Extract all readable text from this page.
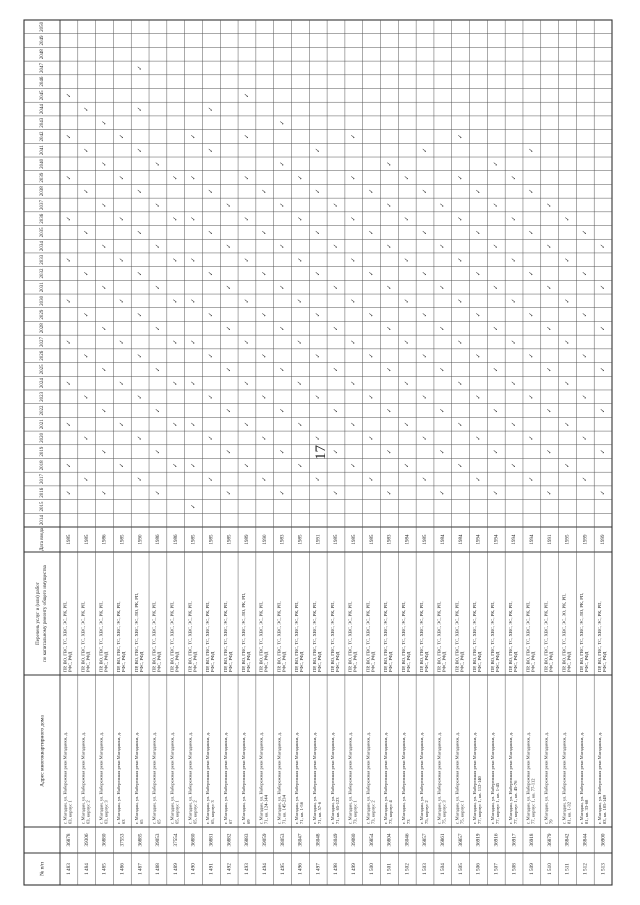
17
№ п/п
Адрес многоквартирного дома
Перечень услуг и (или) работ по капитальному ремонту общего имущества
Дата ввода
2014
2015
2016
2017
2018
2019
2020
2021
2022
2023
2024
2025
2026
2027
2028
2029
2030
2031
2032
2033
2034
2035
2036
2037
2038
2039
2040
2041
2042
2043
2044
2045
2046
2047
2048
2049
2050
1 483
36878
г. Магадан, ул. Набережная реки Магаданки, д.63, корпус 1
ПР, ВО, ГВС, ТС, ХВС, ЭС, РК, РП,РФС, РФД
1985
✓
✓
✓
✓
✓
✓
✓
✓
✓
✓
✓
1 484
39306
г. Магадан, ул. Набережная реки Магаданки, д.63, корпус 2
ПР, ВО, ГВС, ТС, ХВС, ЭС, РК, РП,РФС, РФД
1985
✓
✓
✓
✓
✓
✓
✓
✓
✓
✓
1 485
36880
г. Магадан, ул. Набережная реки Магаданки, д.63, корпус 3
ПР, ВО, ГВС, ТС, ХВС, ЭС, РК, РП,РФС, РФД
1986
✓
✓
✓
✓
✓
✓
✓
✓
✓
✓
1 486
37553
г. Магадан, ул. Набережная реки Магаданки, д.63
ПР, ВО, ГВС, ТС, ХВС, ЭС, РК, РП,РФС, РФД
1985
✓
✓
✓
✓
✓
✓
✓
✓
✓
1 487
36885
г. Магадан, ул. Набережная реки Магаданки, д.65
ПР, ВО, ГВС, ТС, ХВС, ЭС, ЛО, РК, РП,РФС, РФД
1990
✓
✓
✓
✓
✓
✓
✓
✓
✓
✓
✓
1 488
39053
г. Магадан, ул. Набережная реки Магаданки, д.65
ПР, ВО, ГВС, ТС, ХВС, ЭС, РК, РП,РФС, РФД
1986
✓
✓
✓
✓
✓
✓
✓
✓
✓
1 489
37554
г. Магадан, ул. Набережная реки Магаданки, д.65, корпус 1
ПР, ВО, ГВС, ТС, ХВС, ЭС, РК, РП,РФС, РФД
1986
✓
✓
✓
✓
✓
✓
✓
✓
1 490
36880
г. Магадан, ул. Набережная реки Магаданки, д.65, корпус 2
ПР, ВО, ГВС, ТС, ХВС, ЭС, РК, РП,РФС, РФД
1985
✓
✓
✓
✓
✓
✓
✓
✓
✓
✓
1 491
36881
г. Магадан, ул. Набережная реки Магаданки, д.65, корпус 3
ПР, ВО, ГВС, ТС, ХВС, ЭС, РК, РП,РФС, РФД
1985
✓
✓
✓
✓
✓
✓
✓
✓
✓
✓
1 492
36882
г. Магадан, ул. Набережная реки Магаданки, д.67
ПР, ВО, ГВС, ТС, ХВС, ЭС, РК, РП,РФС, РФД
1985
✓
✓
✓
✓
✓
✓
✓
✓
1 493
36883
г. Магадан, ул. Набережная реки Магаданки, д.69
ПР, ВО, ГВС, ТС, ХВС, ЭС, ЛО, РК, РП,РФС, РФД
1989
✓
✓
✓
✓
✓
✓
✓
✓
✓
✓
1 494
39059
г. Магадан, ул. Набережная реки Магаданки, д.71, кв. 124-144
ПР, ВО, ГВС, ТС, ХВС, ЭС, РК, РП,РФС, РФД
1990
✓
✓
✓
✓
✓
✓
✓
✓
1 495
38053
г. Магадан, ул. Набережная реки Магаданки, д.71, кв. 145-234
ПР, ВО, ГВС, ТС, ХВС, ЭС, РК, РП,РФС, РФД
1983
✓
✓
✓
✓
✓
✓
✓
✓
✓
✓
1 496
38047
г. Магадан, ул. Набережная реки Магаданки, д.71, кв. 1-56
ПР, ВО, ГВС, ТС, ХВС, ЭС, РК, РП,РФС, РФД
1985
✓
✓
✓
✓
✓
✓
✓
✓
1 497
38048
г. Магадан, ул. Набережная реки Магаданки, д.71, кв. 57-6
ПР, ВО, ГВС, ТС, ХВС, ЭС, РК, РП,РФС, РФД
1991
✓
✓
✓
✓
✓
✓
✓
✓
✓
1 498
38049
г. Магадан, ул. Набережная реки Магаданки, д.71, кв. 65-123
ПР, ВО, ГВС, ТС, ХВС, ЭС, РК, РП,РФС, РФД
1985
✓
✓
✓
✓
✓
✓
✓
✓
1 499
39080
г. Магадан, ул. Набережная реки Магаданки, д.73, корпус 1
ПР, ВО, ГВС, ТС, ХВС, ЭС, РК, РП,РФС, РФД
1985
✓
✓
✓
✓
✓
✓
✓
✓
✓
1 500
36854
г. Магадан, ул. Набережная реки Магаданки, д.73, корпус 2
ПР, ВО, ГВС, ТС, ХВС, ЭС, РК, РП,РФС, РФД
1985
✓
✓
✓
✓
✓
✓
✓
✓
1 501
36804
г. Магадан, ул. Набережная реки Магаданки, д.73, корпус 4
ПР, ВО, ГВС, ТС, ХВС, ЭС, РК, РП,РФС, РФД
1983
✓
✓
✓
✓
✓
✓
✓
✓
✓
1 502
38046
г. Магадан, ул. Набережная реки Магаданки, д.73
ПР, ВО, ГВС, ТС, ХВС, ЭС, РК, РП,РФС, РФД
1984
✓
✓
✓
✓
✓
✓
✓
✓
1 503
36857
г. Магадан, ул. Набережная реки Магаданки, д.75, корпус 2
ПР, ВО, ГВС, ТС, ХВС, ЭС, РК, РП,РФС, РФД
1985
✓
✓
✓
✓
✓
✓
✓
✓
✓
1 504
36861
г. Магадан, ул. Набережная реки Магаданки, д.75, корпус 3
ПР, ВО, ГВС, ТС, ХВС, ЭС, РК, РП,РФС, РФД
1984
✓
✓
✓
✓
✓
✓
✓
✓
1 505
36857
г. Магадан, ул. Набережная реки Магаданки, д.75, корпус 1
ПР, ВО, ГВС, ТС, ХВС, ЭС, РК, РП,РФС, РФД
1984
✓
✓
✓
✓
✓
✓
✓
✓
✓
1 506
36919
г. Магадан, ул. Набережная реки Магаданки, д.77, корпус 1, кв. 112-140
ПР, ВО, ГВС, ТС, ХВС, ЭС, РК, РП,РФС, РФД
1994
✓
✓
✓
✓
✓
✓
✓
✓
1 507
36916
г. Магадан, ул. Набережная реки Магаданки, д.77, корпус 1, кв. 1-45
ПР, ВО, ГВС, ТС, ХВС, ЭС, РК, РП,РФС, РФД
1994
✓
✓
✓
✓
✓
✓
✓
✓
✓
1 508
36917
г. Магадан, ул. Набережная реки Магаданки, д.77, корпус 1, кв. 45-76
ПР, ВО, ГВС, ТС, ХВС, ЭС, РК, РП,РФС, РФД
1994
✓
✓
✓
✓
✓
✓
✓
✓
1 509
36918
г. Магадан, ул. Набережная реки Магаданки, д.77, корпус 1, кв. 77-112
ПР, ВО, ГВС, ТС, ХВС, ЭС, РК, РП,РФС, РФД
1994
✓
✓
✓
✓
✓
✓
✓
✓
✓
1 510
36879
г. Магадан, ул. Набережная реки Магаданки, д.79
ПР, ВО, ГВС, ТС, ХВС, ЭС, РК, РП,РФС, РФД
1991
✓
✓
✓
✓
✓
✓
✓
✓
1 511
38842
г. Магадан, ул. Набережная реки Магаданки, д.81, кв. 1-32
ПР, ВО, ГВС, ТС, ХВС, ЭС, ЗО, РК, РП,РФС, РФД
1995
✓
✓
✓
✓
✓
✓
✓
1 512
38844
г. Магадан, ул. Набережная реки Магаданки, д.81, кв. 33-68
ПР, ВО, ГВС, ТС, ХВС, ЭС, ЛО, РК, РП,РФС, РФД
1999
✓
✓
✓
✓
✓
✓
✓
1 513
36900
г. Магадан, ул. Набережная реки Магаданки, д.83, кв. 105-149
ПР, ВО, ГВС, ТС, ХВС, ЭС, РК, РП,РФС, РФД
1999
✓
✓
✓
✓
✓
✓
✓
